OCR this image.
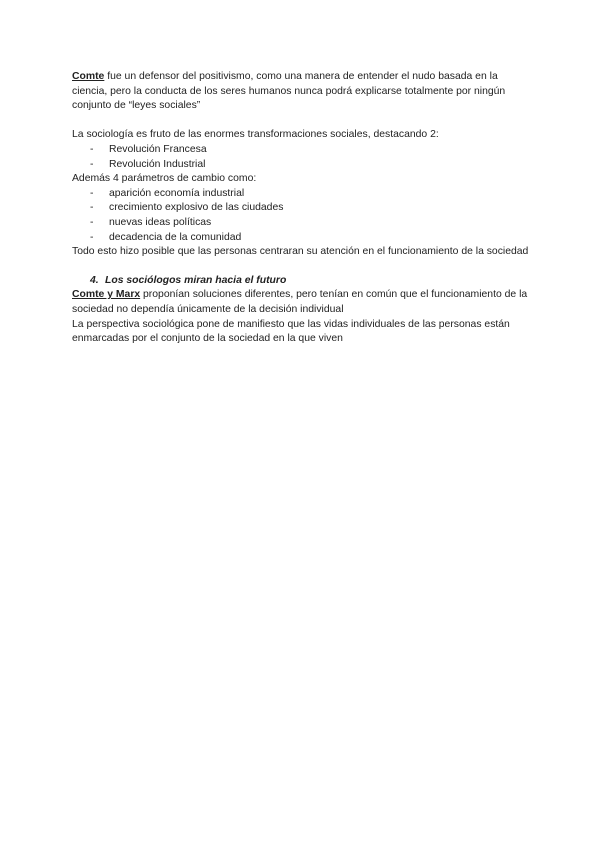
Comte fue un defensor del positivismo, como una manera de entender el nudo basada en la ciencia, pero la conducta de los seres humanos nunca podrá explicarse totalmente por ningún conjunto de “leyes sociales”

La sociología es fruto de las enormes transformaciones sociales, destacando 2:

- Revolución Francesa
- Revolución Industrial

Además 4 parámetros de cambio como:

- aparición economía industrial
- crecimiento explosivo de las ciudades
- nuevas ideas políticas
- decadencia de la comunidad

Todo esto hizo posible que las personas centraran su atención en el funcionamiento de la sociedad

4. Los sociólogos miran hacia el futuro

Comte y Marx proponían soluciones diferentes, pero tenían en común que el funcionamiento de la sociedad no dependía únicamente de la decisión individual

La perspectiva sociológica pone de manifiesto que las vidas individuales de las personas están enmarcadas por el conjunto de la sociedad en la que viven
